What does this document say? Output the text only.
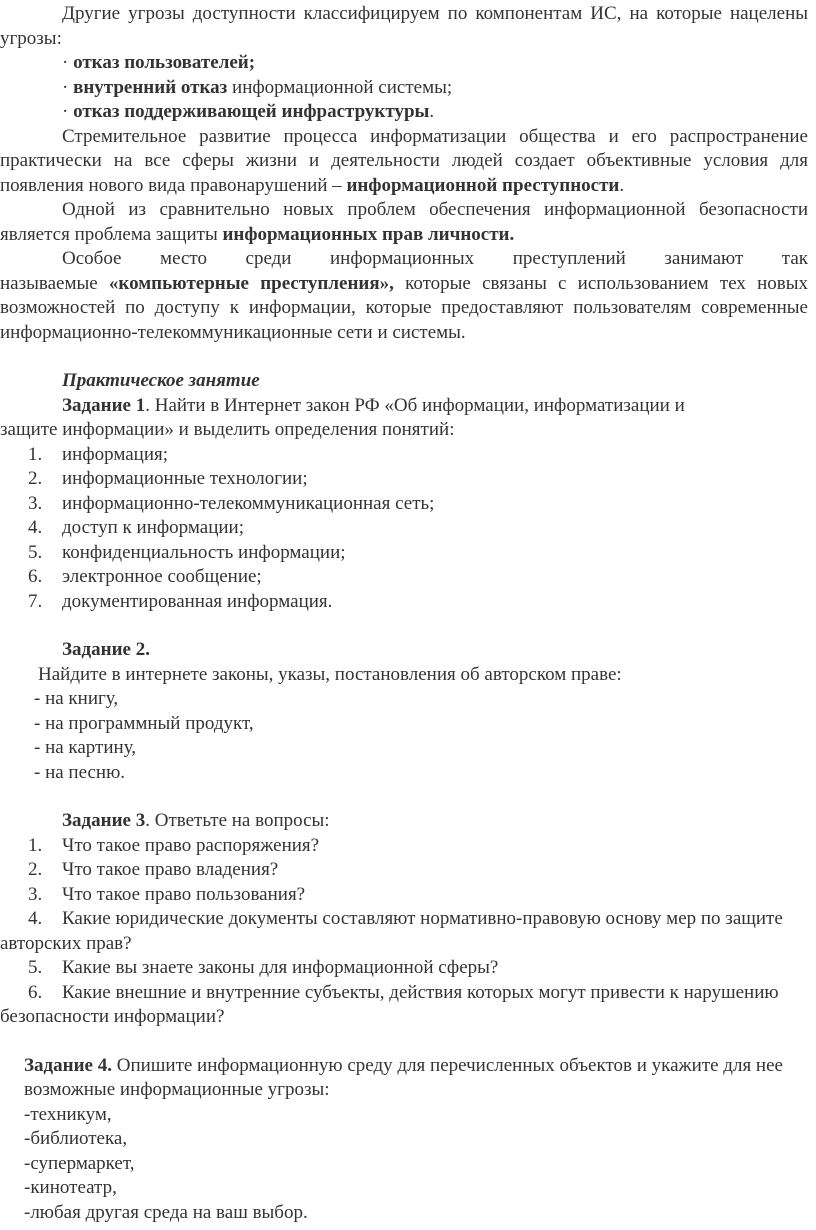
Другие угрозы доступности классифицируем по компонентам ИС, на которые нацелены угрозы:

· отказ пользователей;

· внутренний отказ информационной системы;

· отказ поддерживающей инфраструктуры.

Стремительное развитие процесса информатизации общества и его распространение практически на все сферы жизни и деятельности людей создает объективные условия для появления нового вида правонарушений – информационной преступности.

Одной из сравнительно новых проблем обеспечения информационной безопасности является проблема защиты информационных прав личности.

Особое место среди информационных преступлений занимают так

называемые «компьютерные преступления», которые связаны с использованием тех новых возможностей по доступу к информации, которые предоставляют пользователям современные информационно-телекоммуникационные сети и системы.

Практическое занятие

Задание 1. Найти в Интернет закон РФ «Об информации, информатизации и

защите информации» и выделить определения понятий:

1. информация;
2. информационные технологии;
3. информационно-телекоммуникационная сеть;
4. доступ к информации;
5. конфиденциальность информации;
6. электронное сообщение;
7. документированная информация.

Задание 2.

Найдите в интернете законы, указы, постановления об авторском праве:

- на книгу,

- на программный продукт,

- на картину,

- на песню.

Задание 3. Ответьте на вопросы:

1. Что такое право распоряжения?
2. Что такое право владения?
3. Что такое право пользования?
4. Какие юридические документы составляют нормативно-правовую основу мер по защите авторских прав?
5. Какие вы знаете законы для информационной сферы?
6. Какие внешние и внутренние субъекты, действия которых могут привести к нарушению безопасности информации?

Задание 4. Опишите информационную среду для перечисленных объектов и укажите для нее возможные информационные угрозы:

-техникум,

-библиотека,

-супермаркет,

-кинотеатр,

-любая другая среда на ваш выбор.
